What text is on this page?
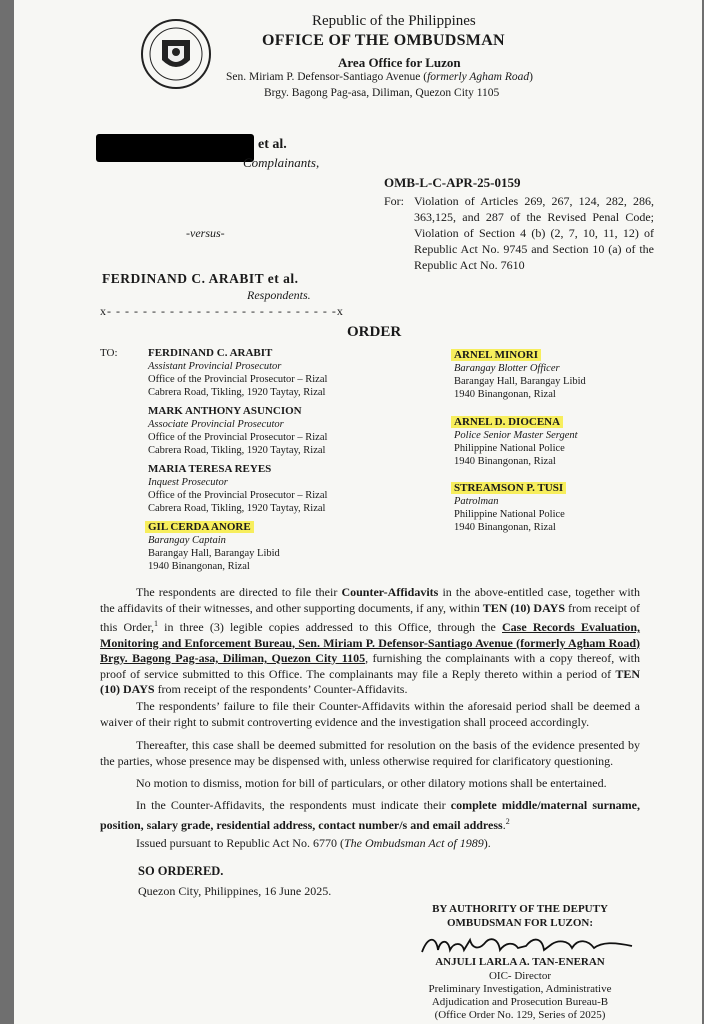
Republic of the Philippines
OFFICE OF THE OMBUDSMAN
Area Office for Luzon
Sen. Miriam P. Defensor-Santiago Avenue (formerly Agham Road)
Brgy. Bagong Pag-asa, Diliman, Quezon City 1105
et al.
Complainants,
OMB-L-C-APR-25-0159
For: Violation of Articles 269, 267, 124, 282, 286, 363,125, and 287 of the Revised Penal Code; Violation of Section 4 (b) (2, 7, 10, 11, 12) of Republic Act No. 9745 and Section 10 (a) of the Republic Act No. 7610
-versus-
FERDINAND C. ARABIT et al.
Respondents.
x- - - - - - - - - - - - - - - - - - - - - - - - - -x
ORDER
TO:	FERDINAND C. ARABIT
Assistant Provincial Prosecutor
Office of the Provincial Prosecutor – Rizal
Cabrera Road, Tikling, 1920 Taytay, Rizal
MARK ANTHONY ASUNCION
Associate Provincial Prosecutor
Office of the Provincial Prosecutor – Rizal
Cabrera Road, Tikling, 1920 Taytay, Rizal
MARIA TERESA REYES
Inquest Prosecutor
Office of the Provincial Prosecutor – Rizal
Cabrera Road, Tikling, 1920 Taytay, Rizal
GIL CERDA ANORE
Barangay Captain
Barangay Hall, Barangay Libid
1940 Binangonan, Rizal
ARNEL MINORI
Barangay Blotter Officer
Barangay Hall, Barangay Libid
1940 Binangonan, Rizal
ARNEL D. DIOCENA
Police Senior Master Sergent
Philippine National Police
1940 Binangonan, Rizal
STREAMSON P. TUSI
Patrolman
Philippine National Police
1940 Binangonan, Rizal
The respondents are directed to file their Counter-Affidavits in the above-entitled case, together with the affidavits of their witnesses, and other supporting documents, if any, within TEN (10) DAYS from receipt of this Order,$^1$ in three (3) legible copies addressed to this Office, through the Case Records Evaluation, Monitoring and Enforcement Bureau, Sen. Miriam P. Defensor-Santiago Avenue (formerly Agham Road) Brgy. Bagong Pag-asa, Diliman, Quezon City 1105, furnishing the complainants with a copy thereof, with proof of service submitted to this Office. The complainants may file a Reply thereto within a period of TEN (10) DAYS from receipt of the respondents’ Counter-Affidavits.
The respondents’ failure to file their Counter-Affidavits within the aforesaid period shall be deemed a waiver of their right to submit controverting evidence and the investigation shall proceed accordingly.
Thereafter, this case shall be deemed submitted for resolution on the basis of the evidence presented by the parties, whose presence may be dispensed with, unless otherwise required for clarificatory questioning.
No motion to dismiss, motion for bill of particulars, or other dilatory motions shall be entertained.
In the Counter-Affidavits, the respondents must indicate their complete middle/maternal surname, position, salary grade, residential address, contact number/s and email address.$^2$
Issued pursuant to Republic Act No. 6770 (The Ombudsman Act of 1989).
SO ORDERED.
Quezon City, Philippines, 16 June 2025.
BY AUTHORITY OF THE DEPUTY OMBUDSMAN FOR LUZON:
ANJULI LARLA A. TAN-ENERAN
OIC- Director
Preliminary Investigation, Administrative
Adjudication and Prosecution Bureau-B
(Office Order No. 129, Series of 2025)
